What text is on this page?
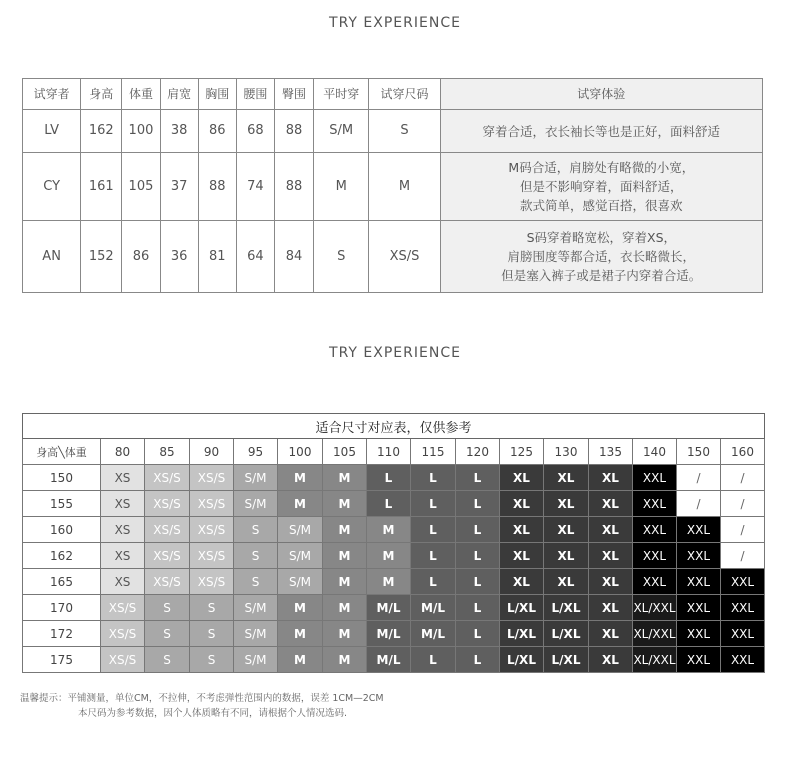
TRY EXPERIENCE
试穿者	身高	体重	肩宽	胸围	腰围	臀围	平时穿	试穿尺码	试穿体验
LV	162	100	38	86	68	88	S/M	S	穿着合适，衣长袖长等也是正好，面料舒适

CY	161	105	37	88	74	88	M	M	M码合适，肩膀处有略微的小宽，
但是不影响穿着，面料舒适，
款式简单，感觉百搭，很喜欢

AN	152	86	36	81	64	84	S	XS/S	S码穿着略宽松，穿着XS，
肩膀围度等都合适，衣长略微长，
但是塞入裤子或是裙子内穿着合适。
TRY EXPERIENCE
适合尺寸对应表，仅供参考															
身高╲体重	80	85	90	95	100	105	110	115	120	125	130	135	140	150	160
150	XS	XS/S	XS/S	S/M	M	M	L	L	L	XL	XL	XL	XXL	/	/
155	XS	XS/S	XS/S	S/M	M	M	L	L	L	XL	XL	XL	XXL	/	/
160	XS	XS/S	XS/S	S	S/M	M	M	L	L	XL	XL	XL	XXL	XXL	/
162	XS	XS/S	XS/S	S	S/M	M	M	L	L	XL	XL	XL	XXL	XXL	/
165	XS	XS/S	XS/S	S	S/M	M	M	L	L	XL	XL	XL	XXL	XXL	XXL
170	XS/S	S	S	S/M	M	M	M/L	M/L	L	L/XL	L/XL	XL	XL/XXL	XXL	XXL
172	XS/S	S	S	S/M	M	M	M/L	M/L	L	L/XL	L/XL	XL	XL/XXL	XXL	XXL
175	XS/S	S	S	S/M	M	M	M/L	L	L	L/XL	L/XL	XL	XL/XXL	XXL	XXL
温馨提示：平铺测量，单位CM，不拉伸，不考虑弹性范围内的数据，误差 1CM—2CM
本尺码为参考数据，因个人体质略有不同，请根据个人情况选码.
